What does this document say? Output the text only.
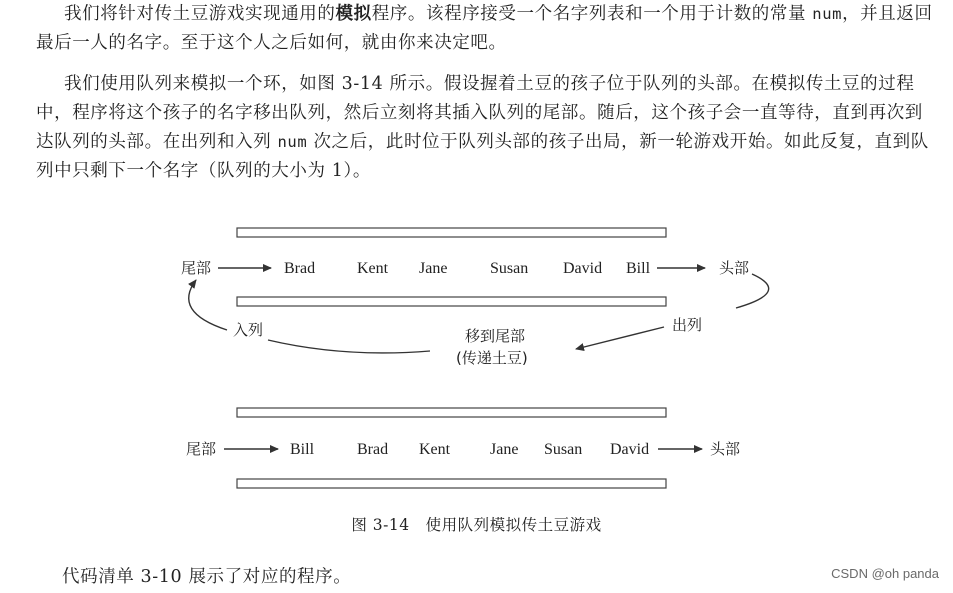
我们将针对传土豆游戏实现通用的模拟程序。该程序接受一个名字列表和一个用于计数的常量 num，并且返回最后一人的名字。至于这个人之后如何，就由你来决定吧。
我们使用队列来模拟一个环，如图 3-14 所示。假设握着土豆的孩子位于队列的头部。在模拟传土豆的过程中，程序将这个孩子的名字移出队列，然后立刻将其插入队列的尾部。随后，这个孩子会一直等待，直到再次到达队列的头部。在出列和入列 num 次之后，此时位于队列头部的孩子出局，新一轮游戏开始。如此反复，直到队列中只剩下一个名字（队列的大小为 1）。
尾部	Brad	Kent Jane	Susan David Bill	头部
入列	出列
移到尾部
(传递土豆)
尾部	Bill	Brad Kent Jane Susan David	头部
图 3-14　使用队列模拟传土豆游戏
代码清单 3-10 展示了对应的程序。	CSDN @oh panda
